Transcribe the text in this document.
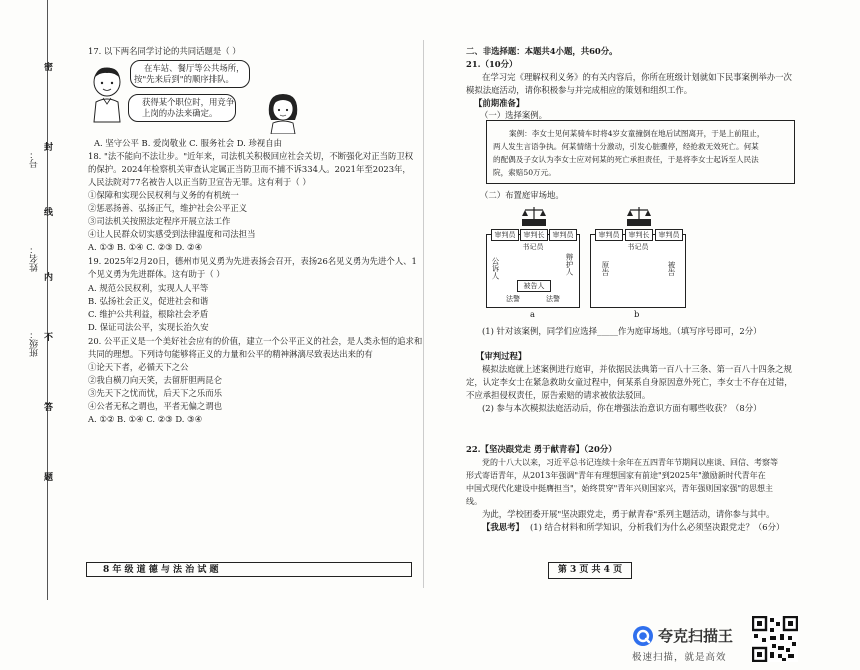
号：
姓名：
班级：
密
封
线
内
不
答
题
17. 以下两名同学讨论的共同话题是（ ）
在车站、餐厅等公共场所，
按"先来后到"的顺序排队。
获得某个职位时，用竞争
上岗的办法来确定。
A. 坚守公平 B. 爱岗敬业 C. 服务社会 D. 珍视自由
18. "法不能向不法让步。"近年来，司法机关积极回应社会关切，不断强化对正当防卫权
的保护。2024年检察机关审查认定属正当防卫而不捕不诉334人。2021年至2023年，
人民法院对77名被告人以正当防卫宣告无罪。这有利于（ ）
①保障和实现公民权利与义务的有机统一
②惩恶扬善、弘扬正气，维护社会公平正义
③司法机关按照法定程序开展立法工作
④让人民群众切实感受到法律温度和司法担当
A. ①③ B. ①④ C. ②③ D. ②④
19. 2025年2月20日，德州市见义勇为先进表扬会召开，表扬26名见义勇为先进个人、1
个见义勇为先进群体。这有助于（ ）
A. 规范公民权利，实现人人平等
B. 弘扬社会正义，促进社会和谐
C. 维护公共利益，根除社会矛盾
D. 保证司法公平，实现长治久安
20. 公平正义是一个美好社会应有的价值，建立一个公平正义的社会，是人类永恒的追求和
共同的理想。下列诗句能够将正义的力量和公平的精神淋漓尽致表达出来的有
①论天下者，必循天下之公
②我自横刀向天笑，去留肝胆两昆仑
③先天下之忧而忧，后天下之乐而乐
④公者无私之谓也，平者无偏之谓也
A. ①② B. ①④ C. ②③ D. ③④
8 年 级 道 德 与 法 治 试 题
二、非选择题：本题共4小题，共60分。
21.（10分）
在学习完《理解权利义务》的有关内容后，你所在班级计划就如下民事案例举办一次
模拟法庭活动，请你积极参与并完成相应的策划和组织工作。
【前期准备】
（一）选择案例。
案例：李女士见何某骑车时将4岁女童撞倒在地后试图离开，于是上前阻止，
两人发生言语争执。何某情绪十分激动，引发心脏骤停，经抢救无效死亡。何某
的配偶及子女认为李女士应对何某的死亡承担责任，于是将李女士起诉至人民法
院，索赔50万元。
（二）布置庭审场地。
审判员	审判长	审判员
书记员
公诉人	辩护人
被告人
法警	法警
a
审判员	审判长	审判员
书记员
原告	被告
b
(1) 针对该案例，同学们应选择_____作为庭审场地。（填写序号即可，2分）
【审判过程】
模拟法庭就上述案例进行庭审，并依据民法典第一百八十三条、第一百八十四条之规
定，认定李女士在紧急救助女童过程中，何某系自身原因意外死亡，李女士不存在过错，
不应承担侵权责任，原告索赔的请求被依法驳回。
(2) 参与本次模拟法庭活动后，你在增强法治意识方面有哪些收获？（8分）
22.【坚决跟党走 勇于献青春】（20分）
党的十八大以来，习近平总书记连续十余年在五四青年节期间以座谈、回信、考察等
形式寄语青年，从2013年强调"青年有理想国家有前途"到2025年"激励新时代青年在
中国式现代化建设中挺膺担当"，始终贯穿"青年兴则国家兴，青年强则国家强"的思想主
线。
为此，学校团委开展"坚决跟党走，勇于献青春"系列主题活动，请你参与其中。
【我思考】 (1) 结合材料和所学知识，分析我们为什么必须坚决跟党走？（6分）
第 3 页 共 4 页
夸克扫描王
极速扫描，就是高效
